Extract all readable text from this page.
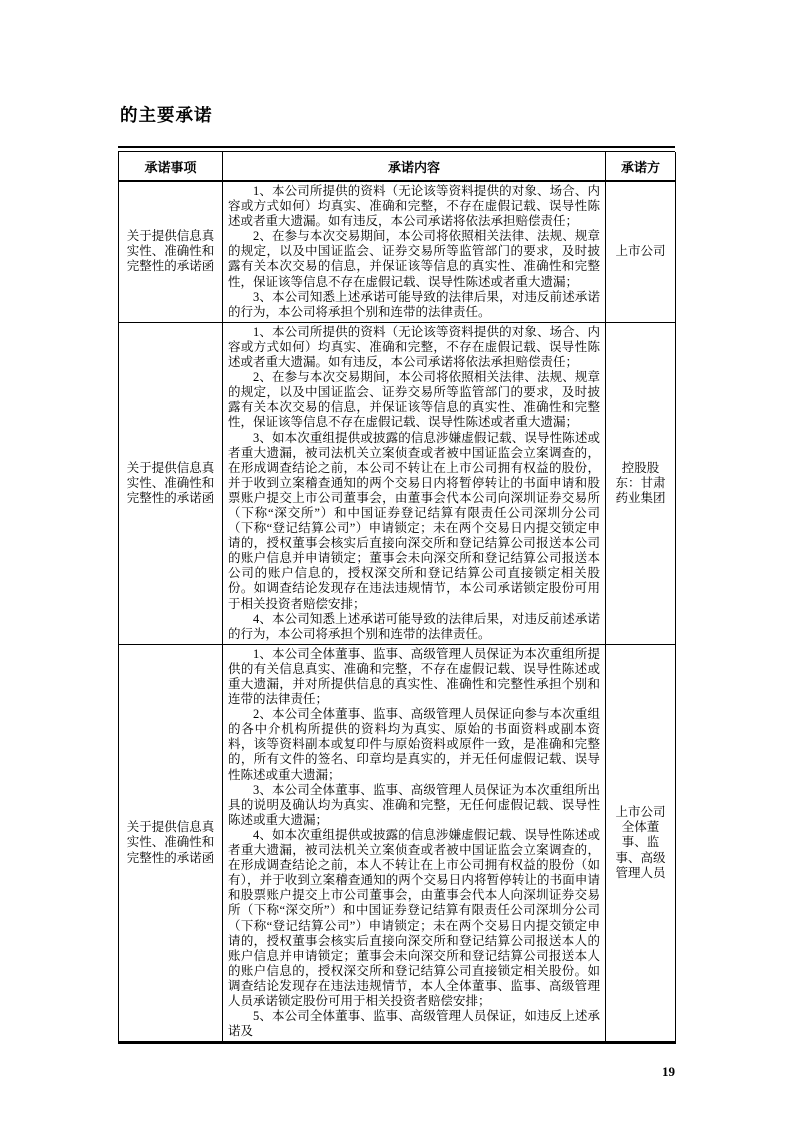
的主要承诺
承诺事项	承诺内容	承诺方
关于提供信息真实性、准确性和完整性的承诺函	1、本公司所提供的资料（无论该等资料提供的对象、场合、内容或方式如何）均真实、准确和完整，不存在虚假记载、误导性陈述或者重大遗漏。如有违反，本公司承诺将依法承担赔偿责任；

2、在参与本次交易期间，本公司将依照相关法律、法规、规章的规定，以及中国证监会、证券交易所等监管部门的要求，及时披露有关本次交易的信息，并保证该等信息的真实性、准确性和完整性，保证该等信息不存在虚假记载、误导性陈述或者重大遗漏；

3、本公司知悉上述承诺可能导致的法律后果，对违反前述承诺的行为，本公司将承担个别和连带的法律责任。	上市公司
关于提供信息真实性、准确性和完整性的承诺函	1、本公司所提供的资料（无论该等资料提供的对象、场合、内容或方式如何）均真实、准确和完整，不存在虚假记载、误导性陈述或者重大遗漏。如有违反，本公司承诺将依法承担赔偿责任；

2、在参与本次交易期间，本公司将依照相关法律、法规、规章的规定，以及中国证监会、证券交易所等监管部门的要求，及时披露有关本次交易的信息，并保证该等信息的真实性、准确性和完整性，保证该等信息不存在虚假记载、误导性陈述或者重大遗漏；

3、如本次重组提供或披露的信息涉嫌虚假记载、误导性陈述或者重大遗漏，被司法机关立案侦查或者被中国证监会立案调查的，在形成调查结论之前，本公司不转让在上市公司拥有权益的股份，并于收到立案稽查通知的两个交易日内将暂停转让的书面申请和股票账户提交上市公司董事会，由董事会代本公司向深圳证券交易所（下称“深交所”）和中国证券登记结算有限责任公司深圳分公司（下称“登记结算公司”）申请锁定；未在两个交易日内提交锁定申请的，授权董事会核实后直接向深交所和登记结算公司报送本公司的账户信息并申请锁定；董事会未向深交所和登记结算公司报送本公司的账户信息的，授权深交所和登记结算公司直接锁定相关股份。如调查结论发现存在违法违规情节，本公司承诺锁定股份可用于相关投资者赔偿安排；

4、本公司知悉上述承诺可能导致的法律后果，对违反前述承诺的行为，本公司将承担个别和连带的法律责任。	控股股东：甘肃药业集团
关于提供信息真实性、准确性和完整性的承诺函	1、本公司全体董事、监事、高级管理人员保证为本次重组所提供的有关信息真实、准确和完整，不存在虚假记载、误导性陈述或重大遗漏，并对所提供信息的真实性、准确性和完整性承担个别和连带的法律责任；

2、本公司全体董事、监事、高级管理人员保证向参与本次重组的各中介机构所提供的资料均为真实、原始的书面资料或副本资料，该等资料副本或复印件与原始资料或原件一致，是准确和完整的，所有文件的签名、印章均是真实的，并无任何虚假记载、误导性陈述或重大遗漏；

3、本公司全体董事、监事、高级管理人员保证为本次重组所出具的说明及确认均为真实、准确和完整，无任何虚假记载、误导性陈述或重大遗漏；

4、如本次重组提供或披露的信息涉嫌虚假记载、误导性陈述或者重大遗漏，被司法机关立案侦查或者被中国证监会立案调查的，在形成调查结论之前，本人不转让在上市公司拥有权益的股份（如有），并于收到立案稽查通知的两个交易日内将暂停转让的书面申请和股票账户提交上市公司董事会，由董事会代本人向深圳证券交易所（下称“深交所”）和中国证券登记结算有限责任公司深圳分公司（下称“登记结算公司”）申请锁定；未在两个交易日内提交锁定申请的，授权董事会核实后直接向深交所和登记结算公司报送本人的账户信息并申请锁定；董事会未向深交所和登记结算公司报送本人的账户信息的，授权深交所和登记结算公司直接锁定相关股份。如调查结论发现存在违法违规情节，本人全体董事、监事、高级管理人员承诺锁定股份可用于相关投资者赔偿安排；

5、本公司全体董事、监事、高级管理人员保证，如违反上述承诺及	上市公司全体董事、监事、高级管理人员
19
